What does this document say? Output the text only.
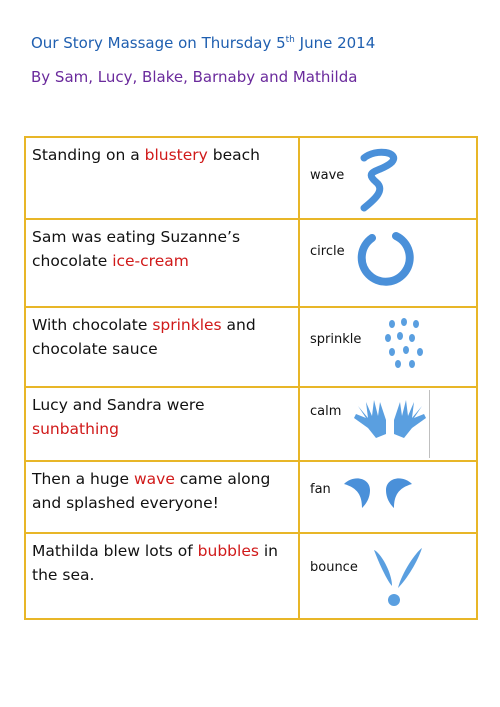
Our Story Massage on Thursday 5th June 2014
By Sam, Lucy, Blake, Barnaby and Mathilda
Standing on a blustery beach	wave

Sam was eating Suzanne’s chocolate ice-cream	circle

With chocolate sprinkles and chocolate sauce	sprinkle

Lucy and Sandra were sunbathing	calm

Then a huge wave came along and splashed everyone!	fan

Mathilda blew lots of bubbles in the sea.	bounce
